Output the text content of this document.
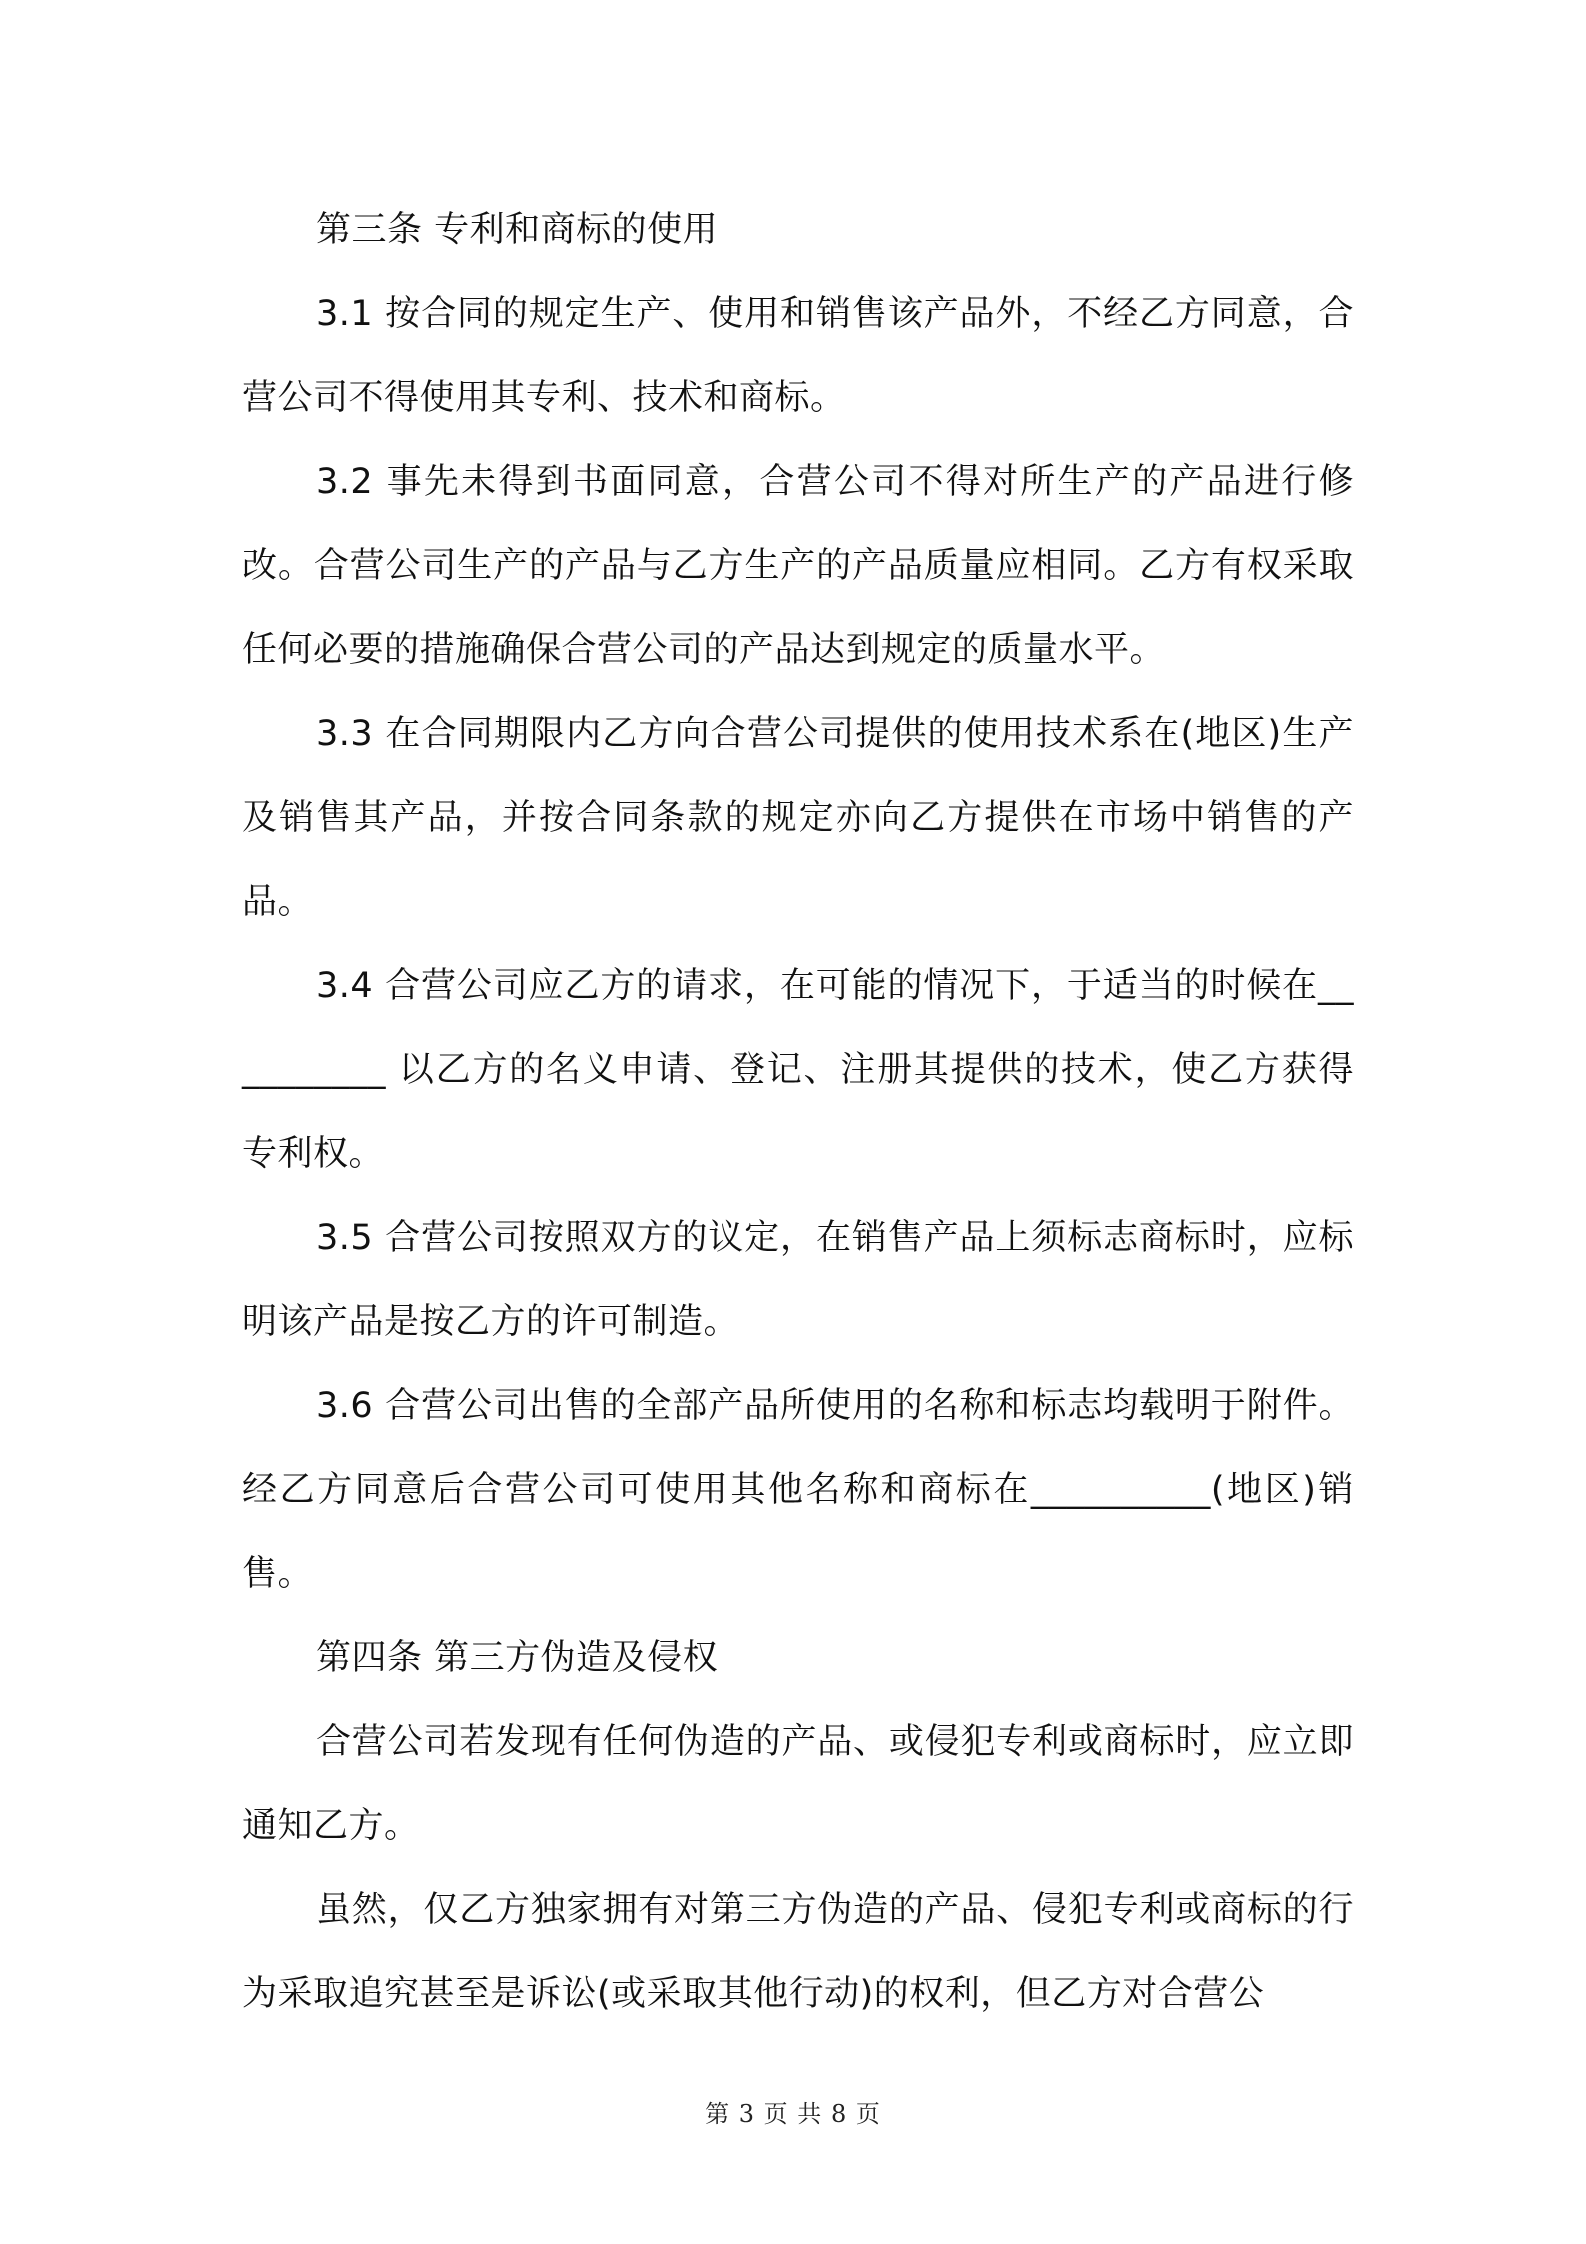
第三条 专利和商标的使用

3.1 按合同的规定生产、使用和销售该产品外，不经乙方同意，合营公司不得使用其专利、技术和商标。

3.2 事先未得到书面同意，合营公司不得对所生产的产品进行修改。合营公司生产的产品与乙方生产的产品质量应相同。乙方有权采取任何必要的措施确保合营公司的产品达到规定的质量水平。

3.3 在合同期限内乙方向合营公司提供的使用技术系在(地区)生产及销售其产品，并按合同条款的规定亦向乙方提供在市场中销售的产品。

3.4 合营公司应乙方的请求，在可能的情况下，于适当的时候在__________ 以乙方的名义申请、登记、注册其提供的技术，使乙方获得专利权。

3.5 合营公司按照双方的议定，在销售产品上须标志商标时，应标明该产品是按乙方的许可制造。

3.6 合营公司出售的全部产品所使用的名称和标志均载明于附件。经乙方同意后合营公司可使用其他名称和商标在__________(地区)销售。

第四条 第三方伪造及侵权

合营公司若发现有任何伪造的产品、或侵犯专利或商标时，应立即通知乙方。

虽然，仅乙方独家拥有对第三方伪造的产品、侵犯专利或商标的行为采取追究甚至是诉讼(或采取其他行动)的权利，但乙方对合营公

第 3 页 共 8 页
